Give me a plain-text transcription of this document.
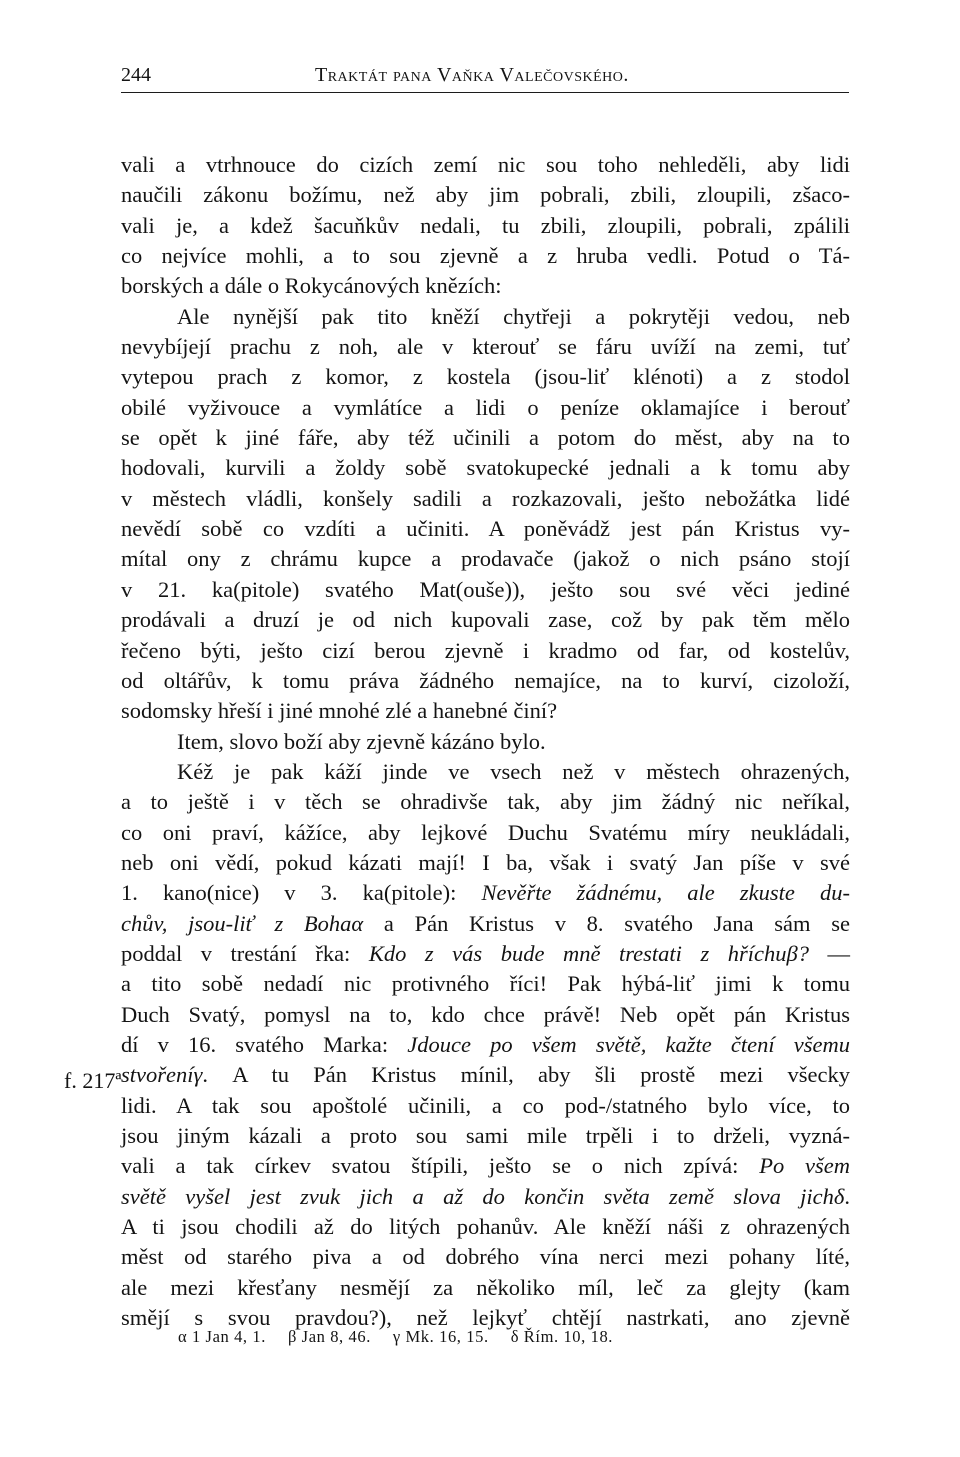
244	Traktát pana Vaňka Valečovského.
vali a vtrhnouce do cizích zemí nic sou toho nehleděli, aby lidi
naučili zákonu božímu, než aby jim pobrali, zbili, zloupili, zšaco-
vali je, a kdež šacuňkův nedali, tu zbili, zloupili, pobrali, zpálili
co nejvíce mohli, a to sou zjevně a z hruba vedli. Potud o Tá-
borských a dále o Rokycánových knězích:
Ale nynější pak tito kněží chytřeji a pokrytěji vedou, neb
nevybíjejí prachu z noh, ale v kterouť se fáru uvíží na zemi, tuť
vytepou prach z komor, z kostela (jsou-liť klénoti) a z stodol
obilé vyživouce a vymlátíce a lidi o peníze oklamajíce i berouť
se opět k jiné fáře, aby též učinili a potom do měst, aby na to
hodovali, kurvili a žoldy sobě svatokupecké jednali a k tomu aby
v městech vládli, konšely sadili a rozkazovali, ješto nebožátka lidé
nevědí sobě co vzdíti a učiniti. A poněvádž jest pán Kristus vy-
mítal ony z chrámu kupce a prodavače (jakož o nich psáno stojí
v 21. ka(pitole) svatého Mat(ouše)), ješto sou své věci jediné
prodávali a druzí je od nich kupovali zase, což by pak těm mělo
řečeno býti, ješto cizí berou zjevně i kradmo od far, od kostelův,
od oltářův, k tomu práva žádného nemajíce, na to kurví, cizoloží,
sodomsky hřeší i jiné mnohé zlé a hanebné činí?
Item, slovo boží aby zjevně kázáno bylo.
Kéž je pak káží jinde ve vsech než v městech ohrazených,
a to ještě i v těch se ohradivše tak, aby jim žádný nic neříkal,
co oni praví, kážíce, aby lejkové Duchu Svatému míry neukládali,
neb oni vědí, pokud kázati mají! I ba, však i svatý Jan píše v své
1. kano(nice) v 3. ka(pitole): Nevěřte žádnému, ale zkuste du-
chův, jsou-liť z Bohaα a Pán Kristus v 8. svatého Jana sám se
poddal v trestání řka: Kdo z vás bude mně trestati z hříchuβ? —
a tito sobě nedadí nic protivného říci! Pak hýbá-liť jimi k tomu
Duch Svatý, pomysl na to, kdo chce právě! Neb opět pán Kristus
dí v 16. svatého Marka: Jdouce po všem světě, kažte čtení všemu
stvořeníγ. A tu Pán Kristus mínil, aby šli prostě mezi všecky
lidi. A tak sou apoštolé učinili, a co pod-/statného bylo více, to
jsou jiným kázali a proto sou sami mile trpěli i to drželi, vyzná-
vali a tak církev svatou štípili, ješto se o nich zpívá: Po všem
světě vyšel jest zvuk jich a až do končin světa země slova jichδ.
A ti jsou chodili až do litých pohanův. Ale kněží náši z ohrazených
měst od starého piva a od dobrého vína nerci mezi pohany líté,
ale mezi křesťany nesmějí za několiko míl, leč za glejty (kam
smějí s svou pravdou?), než lejkyť chtějí nastrkati, ano zjevně
f. 217ª
α 1 Jan 4, 1. β Jan 8, 46. γ Mk. 16, 15. δ Řím. 10, 18.
